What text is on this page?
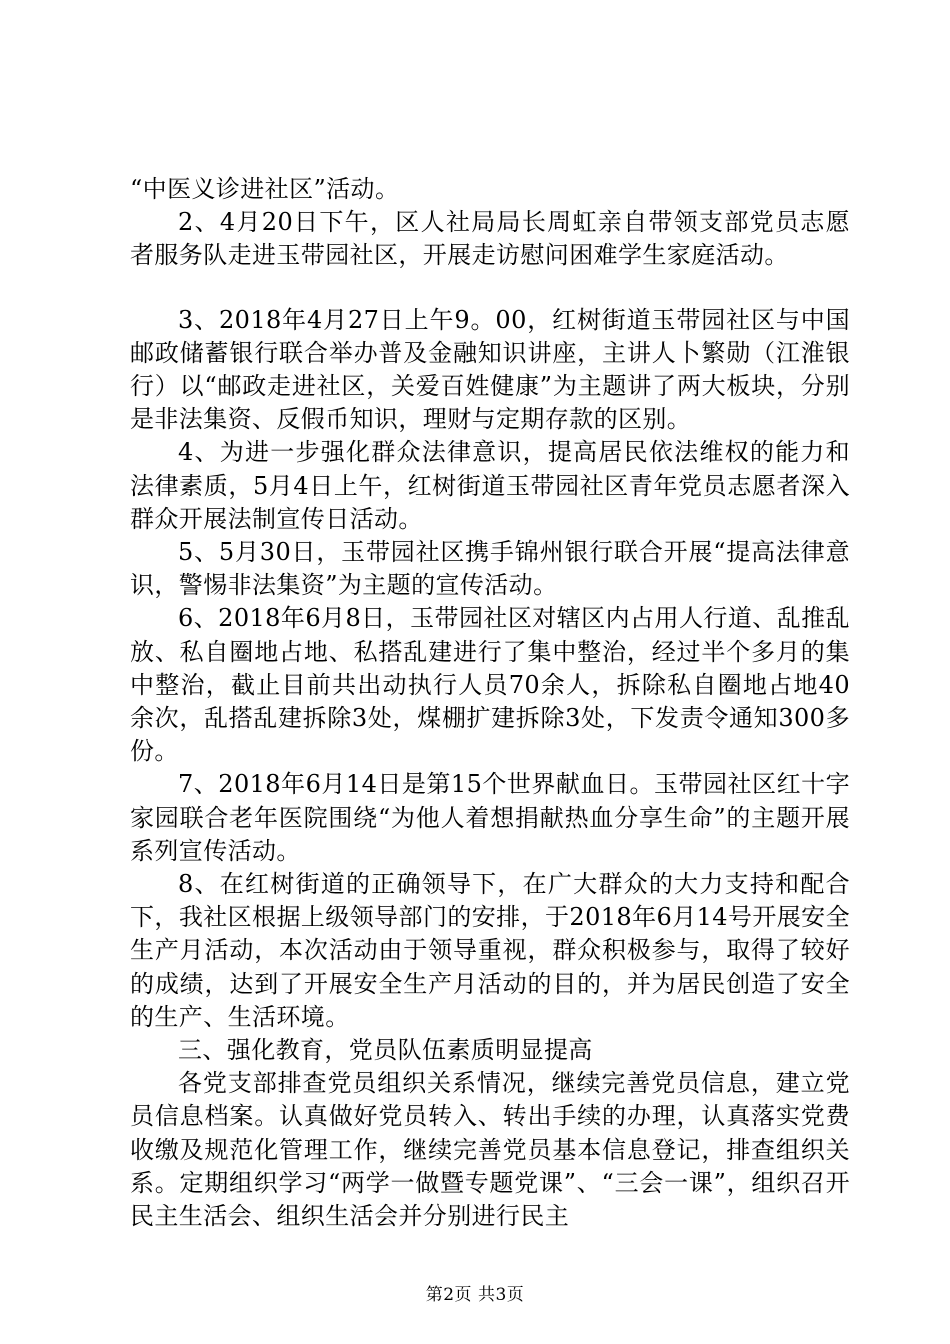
“中医义诊进社区”活动。

2、4月20日下午，区人社局局长周虹亲自带领支部党员志愿者服务队走进玉带园社区，开展走访慰问困难学生家庭活动。

3、2018年4月27日上午9。00，红树街道玉带园社区与中国邮政储蓄银行联合举办普及金融知识讲座，主讲人卜繁勋（江淮银行）以“邮政走进社区，关爱百姓健康”为主题讲了两大板块，分别是非法集资、反假币知识，理财与定期存款的区别。

4、为进一步强化群众法律意识，提高居民依法维权的能力和法律素质，5月4日上午，红树街道玉带园社区青年党员志愿者深入群众开展法制宣传日活动。

5、5月30日，玉带园社区携手锦州银行联合开展“提高法律意识，警惕非法集资”为主题的宣传活动。

6、2018年6月8日，玉带园社区对辖区内占用人行道、乱推乱放、私自圈地占地、私搭乱建进行了集中整治，经过半个多月的集中整治，截止目前共出动执行人员70余人，拆除私自圈地占地40余次，乱搭乱建拆除3处，煤棚扩建拆除3处，下发责令通知300多份。

7、2018年6月14日是第15个世界献血日。玉带园社区红十字家园联合老年医院围绕“为他人着想捐献热血分享生命”的主题开展系列宣传活动。

8、在红树街道的正确领导下，在广大群众的大力支持和配合下，我社区根据上级领导部门的安排，于2018年6月14号开展安全生产月活动，本次活动由于领导重视，群众积极参与，取得了较好的成绩，达到了开展安全生产月活动的目的，并为居民创造了安全的生产、生活环境。

三、强化教育，党员队伍素质明显提高

各党支部排查党员组织关系情况，继续完善党员信息，建立党员信息档案。认真做好党员转入、转出手续的办理，认真落实党费收缴及规范化管理工作，继续完善党员基本信息登记，排查组织关系。定期组织学习“两学一做暨专题党课”、“三会一课”，组织召开民主生活会、组织生活会并分别进行民主

第2页 共3页
